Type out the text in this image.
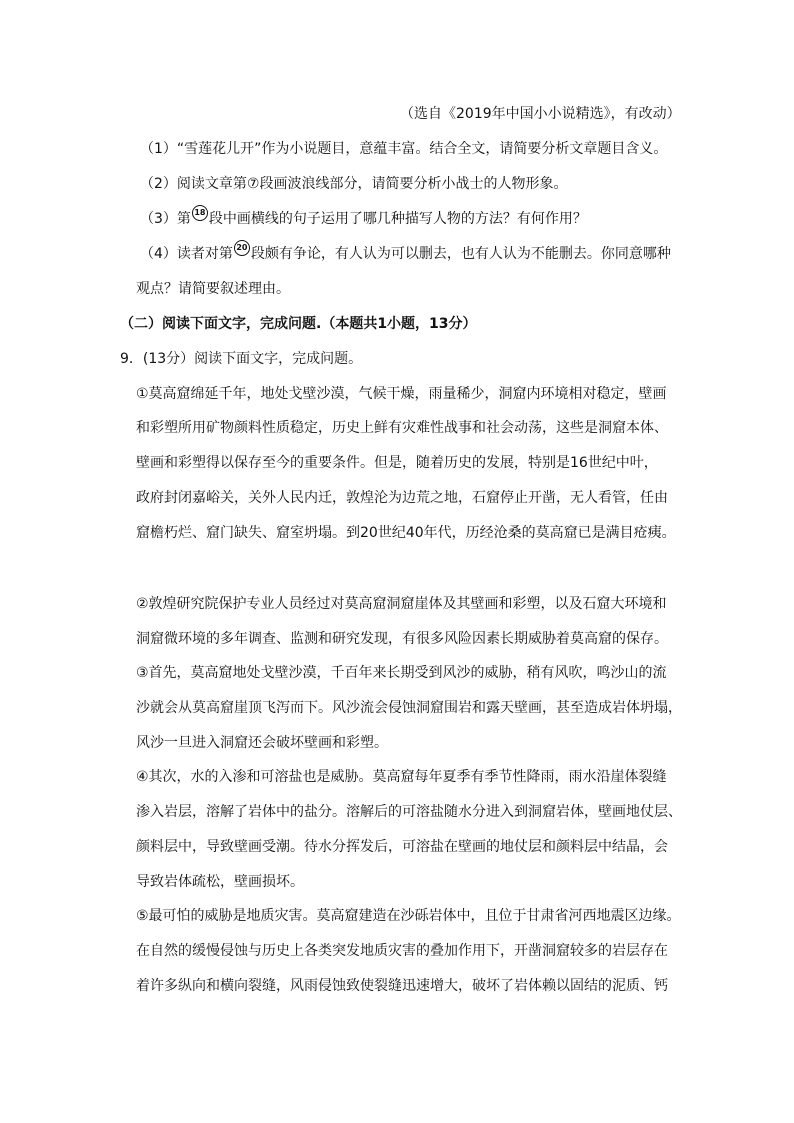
（选自《2019年中国小小说精选》，有改动）
（1）“雪莲花儿开”作为小说题目，意蕴丰富。结合全文，请简要分析文章题目含义。
（2）阅读文章第⑦段画波浪线部分，请简要分析小战士的人物形象。
（3）第 18 段中画横线的句子运用了哪几种描写人物的方法？有何作用？
（4）读者对第 20 段颇有争论，有人认为可以删去，也有人认为不能删去。你同意哪种
观点？请简要叙述理由。
（二）阅读下面文字，完成问题.（本题共1小题，13分）
9．(13分）阅读下面文字，完成问题。
①莫高窟绵延千年，地处戈壁沙漠，气候干燥，雨量稀少，洞窟内环境相对稳定，壁画
和彩塑所用矿物颜料性质稳定，历史上鲜有灾难性战事和社会动荡，这些是洞窟本体、
壁画和彩塑得以保存至今的重要条件。但是，随着历史的发展，特别是16世纪中叶，
政府封闭嘉峪关，关外人民内迁，敦煌沦为边荒之地，石窟停止开凿，无人看管，任由
窟檐朽烂、窟门缺失、窟室坍塌。到20世纪40年代，历经沧桑的莫高窟已是满目疮痍。
②敦煌研究院保护专业人员经过对莫高窟洞窟崖体及其壁画和彩塑，以及石窟大环境和
洞窟微环境的多年调查、监测和研究发现，有很多风险因素长期威胁着莫高窟的保存。
③首先，莫高窟地处戈壁沙漠，千百年来长期受到风沙的威胁，稍有风吹，鸣沙山的流
沙就会从莫高窟崖顶飞泻而下。风沙流会侵蚀洞窟围岩和露天壁画，甚至造成岩体坍塌，
风沙一旦进入洞窟还会破坏壁画和彩塑。
④其次，水的入渗和可溶盐也是威胁。莫高窟每年夏季有季节性降雨，雨水沿崖体裂缝
渗入岩层，溶解了岩体中的盐分。溶解后的可溶盐随水分进入到洞窟岩体，壁画地仗层、
颜料层中，导致壁画受潮。待水分挥发后，可溶盐在壁画的地仗层和颜料层中结晶，会
导致岩体疏松，壁画损坏。
⑤最可怕的威胁是地质灾害。莫高窟建造在沙砾岩体中，且位于甘肃省河西地震区边缘。
在自然的缓慢侵蚀与历史上各类突发地质灾害的叠加作用下，开凿洞窟较多的岩层存在
着许多纵向和横向裂缝，风雨侵蚀致使裂缝迅速增大，破坏了岩体赖以固结的泥质、钙
